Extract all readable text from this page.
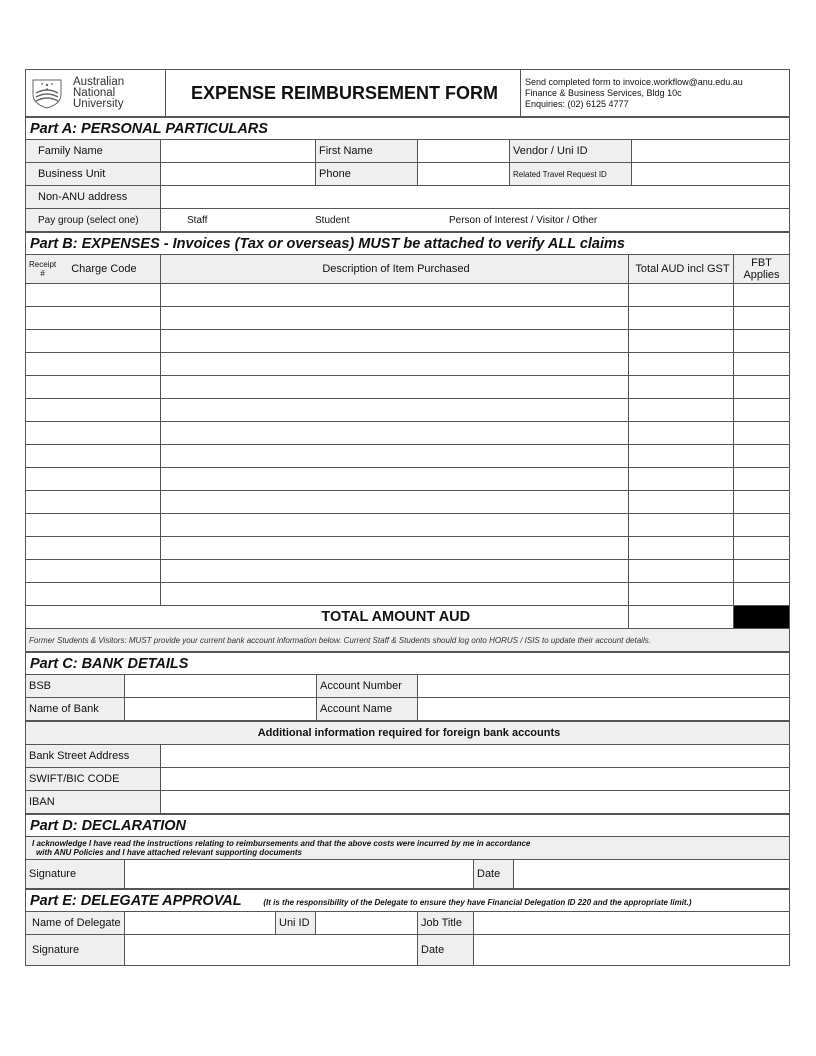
Australian
National
University
	EXPENSE REIMBURSEMENT FORM	
Send completed form to invoice.workflow@anu.edu.au
Finance & Business Services, Bldg 10c
Enquiries: (02) 6125 4777
Part A: PERSONAL PARTICULARS					
Family Name		First Name		Vendor / Uni ID	
Business Unit		Phone		Related Travel Request ID	
Non-ANU address					
Pay group (select one)	Staff Student Person of Interest / Visitor / Other				
Part B: EXPENSES - Invoices (Tax or overseas) MUST be attached to verify ALL claims			
Receipt
# Charge Code	Description of Item Purchased	Total AUD incl GST	FBT
Applies

	TOTAL AMOUNT AUD		
Former Students & Visitors: MUST provide your current bank account information below. Current Staff & Students should log onto HORUS / ISIS to update their account details.			
Part C: BANK DETAILS			
BSB		Account Number	
Name of Bank		Account Name	
Additional information required for foreign bank accounts	
Bank Street Address	
SWIFT/BIC CODE	
IBAN	
Part D: DECLARATION

I acknowledge I have read the instructions relating to reimbursements and that the above costs were incurred by me in accordance
with ANU Policies and I have attached relevant supporting documents

Signature		Date	
Part E: DELEGATE APPROVAL (It is the responsibility of the Delegate to ensure they have Financial Delegation ID 220 and the appropriate limit.)					
Name of Delegate		Uni ID		Job Title	
Signature				Date	
